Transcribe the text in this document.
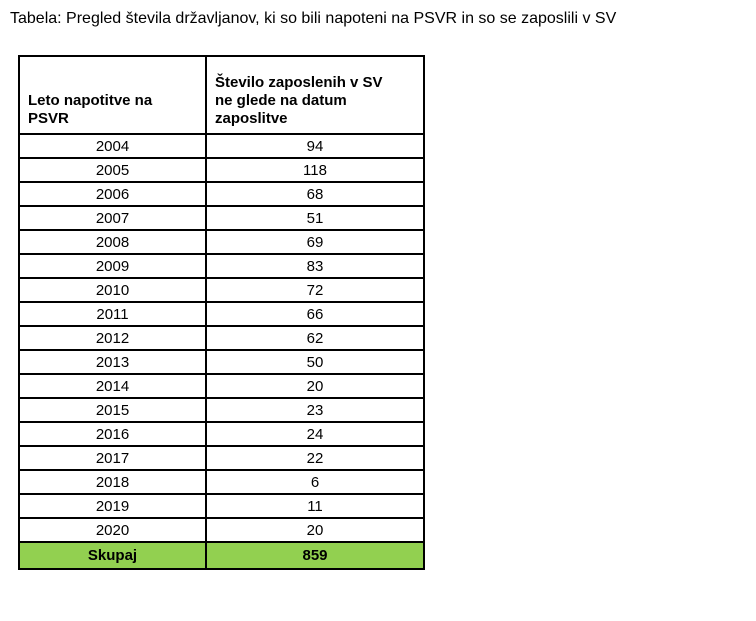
Tabela: Pregled števila državljanov, ki so bili napoteni na PSVR in so se zaposlili v SV
Leto napotitve na PSVR	Število zaposlenih v SV ne glede na datum zaposlitve

2004	94
2005	118
2006	68
2007	51
2008	69
2009	83
2010	72
2011	66
2012	62
2013	50
2014	20
2015	23
2016	24
2017	22
2018	6
2019	11
2020	20
Skupaj	859
